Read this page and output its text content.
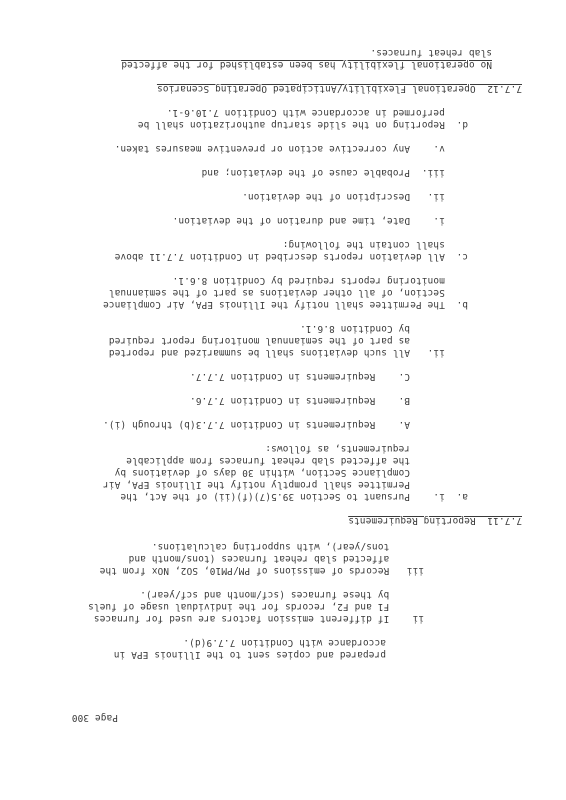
prepared and copies sent to the Illinois EPA in
accordance with Condition 7.7.9(d).
ii    If different emission factors are used for furnaces
F1 and F2, records for the individual usage of fuels
by these furnaces (scf/month and scf/year).
iii   Records of emissions of PM/PM10, SO2, NOx from the
affected slab reheat furnaces (tons/month and
tons/year), with supporting calculations.
7.7.11  Reporting Requirements
a.  i.    Pursuant to Section 39.5(7)(f)(ii) of the Act, the
Permittee shall promptly notify the Illinois EPA, Air
Compliance Section, within 30 days of deviations by
the affected slab reheat furnaces from applicable
requirements, as follows:
A.    Requirements in Condition 7.7.3(b) through (i).
B.    Requirements in Condition 7.7.6.
C.    Requirements in Condition 7.7.7.
ii.   All such deviations shall be summarized and reported
as part of the semiannual monitoring report required
by Condition 8.6.1.
b.  The Permittee shall notify the Illinois EPA, Air Compliance
Section, of all other deviations as part of the semiannual
monitoring reports required by Condition 8.6.1.
c.  All deviation reports described in Condition 7.7.11 above
shall contain the following:
i.    Date, time and duration of the deviation.
ii.   Description of the deviation.
iii.  Probable cause of the deviation; and
v.    Any corrective action or preventive measures taken.
d.  Reporting on the slide startup authorization shall be
performed in accordance with Condition 7.10.6-1.
7.7.12  Operational Flexibility/Anticipated Operating Scenarios
No operational flexibility has been established for the affected
slab reheat furnaces.
Page 300
